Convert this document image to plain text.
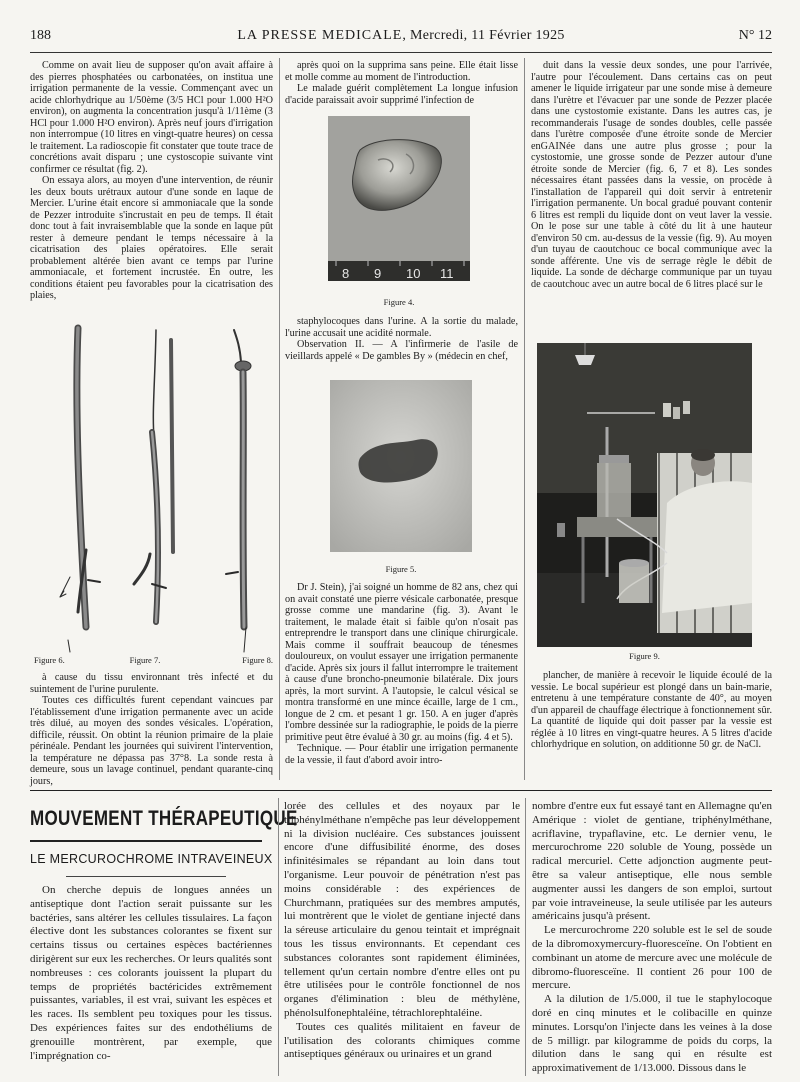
188	LA PRESSE MEDICALE, Mercredi, 11 Février 1925	N° 12

Comme on avait lieu de supposer qu'on avait affaire à des pierres phosphatées ou carbonatées, on institua une irrigation permanente de la vessie. Commençant avec un acide chlorhydrique au 1/50ème (3/5 HCl pour 1.000 H²O environ), on augmenta la concentration jusqu'à 1/11ème (3 HCl pour 1.000 H²O environ). Après neuf jours d'irrigation non interrompue (10 litres en vingt-quatre heures) on cessa le traitement. La radioscopie fit constater que toute trace de concrétions avait disparu ; une cystoscopie suivante vint confirmer ce résultat (fig. 2).

On essaya alors, au moyen d'une intervention, de réunir les deux bouts urétraux autour d'une sonde en laque de Mercier. L'urine était encore si ammoniacale que la sonde de Pezzer introduite s'incrustait en peu de temps. Il était donc tout à fait invraisemblable que la sonde en laque pût rester à demeure pendant le temps nécessaire à la cicatrisation des plaies opératoires. Elle serait probablement altérée bien avant ce temps par l'urine ammoniacale, et fortement incrustée. En outre, les conditions étaient peu favorables pour la cicatrisation des plaies,

Figure 6.	Figure 7.	Figure 8.

à cause du tissu environnant très infecté et du suintement de l'urine purulente.

Toutes ces difficultés furent cependant vaincues par l'établissement d'une irrigation permanente avec un acide très dilué, au moyen des sondes vésicales. L'opération, difficile, réussit. On obtint la réunion primaire de la plaie périnéale. Pendant les journées qui suivirent l'intervention, la température ne dépassa pas 37°8. La sonde resta à demeure, sous un lavage continuel, pendant quarante-cinq jours,

après quoi on la supprima sans peine. Elle était lisse et molle comme au moment de l'introduction.

Le malade guérit complètement La longue infusion d'acide paraissait avoir supprimé l'infection de

8 9 10 11
Figure 4.

staphylocoques dans l'urine. A la sortie du malade, l'urine accusait une acidité normale.

Observation II. — A l'infirmerie de l'asile de vieillards appelé « De gambles By » (médecin en chef,

Figure 5.

Dr J. Stein), j'ai soigné un homme de 82 ans, chez qui on avait constaté une pierre vésicale carbonatée, presque grosse comme une mandarine (fig. 3). Avant le traitement, le malade était si faible qu'on n'osait pas entreprendre le transport dans une clinique chirurgicale. Mais comme il souffrait beaucoup de ténesmes douloureux, on voulut essayer une irrigation permanente d'acide. Après six jours il fallut interrompre le traitement à cause d'une broncho-pneumonie bilatérale. Dix jours après, la mort survint. A l'autopsie, le calcul vésical se montra transformé en une mince écaille, large de 1 cm., longue de 2 cm. et pesant 1 gr. 150. A en juger d'après l'ombre dessinée sur la radiographie, le poids de la pierre primitive peut être évalué à 30 gr. au moins (fig. 4 et 5).

Technique. — Pour établir une irrigation permanente de la vessie, il faut d'abord avoir intro-

duit dans la vessie deux sondes, une pour l'arrivée, l'autre pour l'écoulement. Dans certains cas on peut amener le liquide irrigateur par une sonde mise à demeure dans l'urètre et l'évacuer par une sonde de Pezzer placée dans une cystostomie existante. Dans les autres cas, je recommanderais l'usage de sondes doubles, celle passée dans l'urètre composée d'une étroite sonde de Mercier enGAINée dans une autre plus grosse ; pour la cystostomie, une grosse sonde de Pezzer autour d'une étroite sonde de Mercier (fig. 6, 7 et 8). Les sondes nécessaires étant passées dans la vessie, on procède à l'installation de l'appareil qui doit servir à entretenir l'irrigation permanente. Un bocal gradué pouvant contenir 6 litres est rempli du liquide dont on veut laver la vessie. On le pose sur une table à côté du lit à une hauteur d'environ 50 cm. au-dessus de la vessie (fig. 9). Au moyen d'un tuyau de caoutchouc ce bocal communique avec la sonde afférente. Une vis de serrage règle le débit de liquide. La sonde de décharge communique par un tuyau de caoutchouc avec un autre bocal de 6 litres placé sur le

Figure 9.

plancher, de manière à recevoir le liquide écoulé de la vessie. Le bocal supérieur est plongé dans un bain-marie, entretenu à une température constante de 40°, au moyen d'un appareil de chauffage électrique à fonctionnement sûr. La quantité de liquide qui doit passer par la vessie est réglée à 10 litres en vingt-quatre heures. A 5 litres d'acide chlorhydrique en solution, on additionne 50 gr. de NaCl.

MOUVEMENT THÉRAPEUTIQUE
LE MERCUROCHROME INTRAVEINEUX

On cherche depuis de longues années un antiseptique dont l'action serait puissante sur les bactéries, sans altérer les cellules tissulaires. La façon élective dont les substances colorantes se fixent sur certains tissus ou certaines espèces bactériennes dirigèrent sur eux les recherches. Or leurs qualités sont nombreuses : ces colorants jouissent la plupart du temps de propriétés bactéricides extrêmement puissantes, variables, il est vrai, suivant les espèces et les races. Ils semblent peu toxiques pour les tissus. Des expériences faites sur des endothéliums de grenouille montrèrent, par exemple, que l'imprégnation co-

lorée des cellules et des noyaux par le triphénylméthane n'empêche pas leur développement ni la division nucléaire. Ces substances jouissent encore d'une diffusibilité énorme, des doses infinitésimales se répandant au loin dans tout l'organisme. Leur pouvoir de pénétration n'est pas moins considérable : des expériences de Churchmann, pratiquées sur des membres amputés, lui montrèrent que le violet de gentiane injecté dans la séreuse articulaire du genou teintait et imprégnait tous les tissus environnants. Et cependant ces substances colorantes sont rapidement éliminées, tellement qu'un certain nombre d'entre elles ont pu être utilisées pour le contrôle fonctionnel de nos organes d'élimination : bleu de méthylène, phénolsulfonephtaléine, tétrachlorephtaléine.

Toutes ces qualités militaient en faveur de l'utilisation des colorants chimiques comme antiseptiques généraux ou urinaires et un grand

nombre d'entre eux fut essayé tant en Allemagne qu'en Amérique : violet de gentiane, triphénylméthane, acriflavine, trypaflavine, etc. Le dernier venu, le mercurochrome 220 soluble de Young, possède un radical mercuriel. Cette adjonction augmente peut-être sa valeur antiseptique, elle nous semble augmenter aussi les dangers de son emploi, surtout par voie intraveineuse, la seule utilisée par les auteurs américains jusqu'à présent.

Le mercurochrome 220 soluble est le sel de soude de la dibromoxymercury-fluoresceïne. On l'obtient en combinant un atome de mercure avec une molécule de dibromo-fluoresceïne. Il contient 26 pour 100 de mercure.

A la dilution de 1/5.000, il tue le staphylocoque doré en cinq minutes et le colibacille en quinze minutes. Lorsqu'on l'injecte dans les veines à la dose de 5 milligr. par kilogramme de poids du corps, la dilution dans le sang qui en résulte est approximativement de 1/13.000. Dissous dans le
